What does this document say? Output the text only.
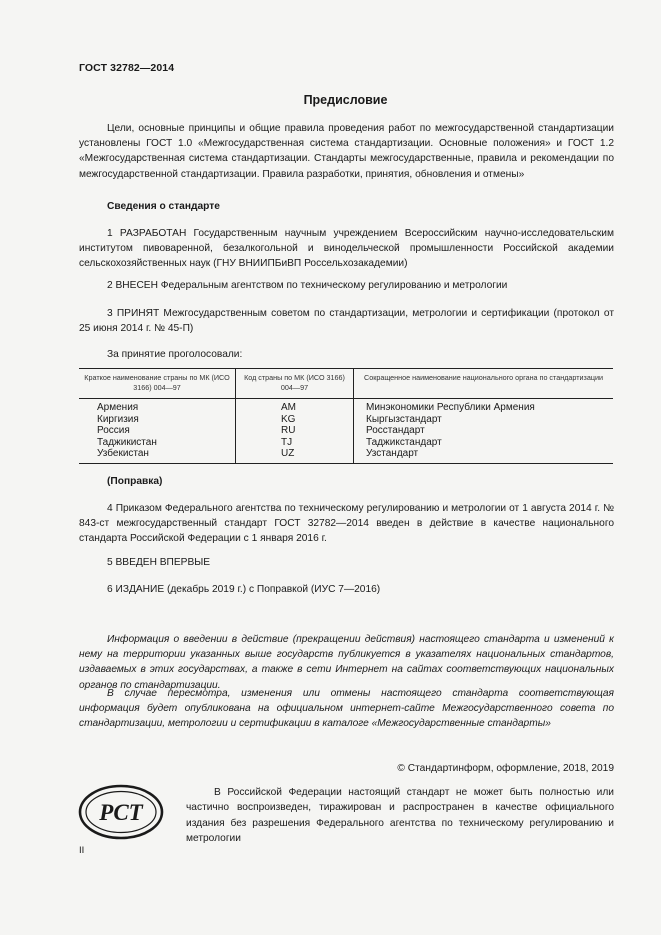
ГОСТ 32782—2014
Предисловие
Цели, основные принципы и общие правила проведения работ по межгосударственной стандартизации установлены ГОСТ 1.0 «Межгосударственная система стандартизации. Основные положения» и ГОСТ 1.2 «Межгосударственная система стандартизации. Стандарты межгосударственные, правила и рекомендации по межгосударственной стандартизации. Правила разработки, принятия, обновления и отмены»
Сведения о стандарте
1 РАЗРАБОТАН Государственным научным учреждением Всероссийским научно-исследовательским институтом пивоваренной, безалкогольной и винодельческой промышленности Российской академии сельскохозяйственных наук (ГНУ ВНИИПБиВП Россельхозакадемии)
2 ВНЕСЕН Федеральным агентством по техническому регулированию и метрологии
3 ПРИНЯТ Межгосударственным советом по стандартизации, метрологии и сертификации (протокол от 25 июня 2014 г. № 45-П)
За принятие проголосовали:
Краткое наименование страны по МК (ИСО 3166) 004—97	Код страны по МК (ИСО 3166) 004—97	Сокращенное наименование национального органа по стандартизации
Армения	AM	Минэкономики Республики Армения
Киргизия	KG	Кыргызстандарт
Россия	RU	Росстандарт
Таджикистан	TJ	Таджикстандарт
Узбекистан	UZ	Узстандарт
(Поправка)
4 Приказом Федерального агентства по техническому регулированию и метрологии от 1 августа 2014 г. № 843-ст межгосударственный стандарт ГОСТ 32782—2014 введен в действие в качестве национального стандарта Российской Федерации с 1 января 2016 г.
5 ВВЕДЕН ВПЕРВЫЕ
6 ИЗДАНИЕ (декабрь 2019 г.) с Поправкой (ИУС 7—2016)
Информация о введении в действие (прекращении действия) настоящего стандарта и изменений к нему на территории указанных выше государств публикуется в указателях национальных стандартов, издаваемых в этих государствах, а также в сети Интернет на сайтах соответствующих национальных органов по стандартизации.
В случае пересмотра, изменения или отмены настоящего стандарта соответствующая информация будет опубликована на официальном интернет-сайте Межгосударственного совета по стандартизации, метрологии и сертификации в каталоге «Межгосударственные стандарты»
© Стандартинформ, оформление, 2018, 2019
РСТ
В Российской Федерации настоящий стандарт не может быть полностью или частично воспроизведен, тиражирован и распространен в качестве официального издания без разрешения Федерального агентства по техническому регулированию и метрологии
II
